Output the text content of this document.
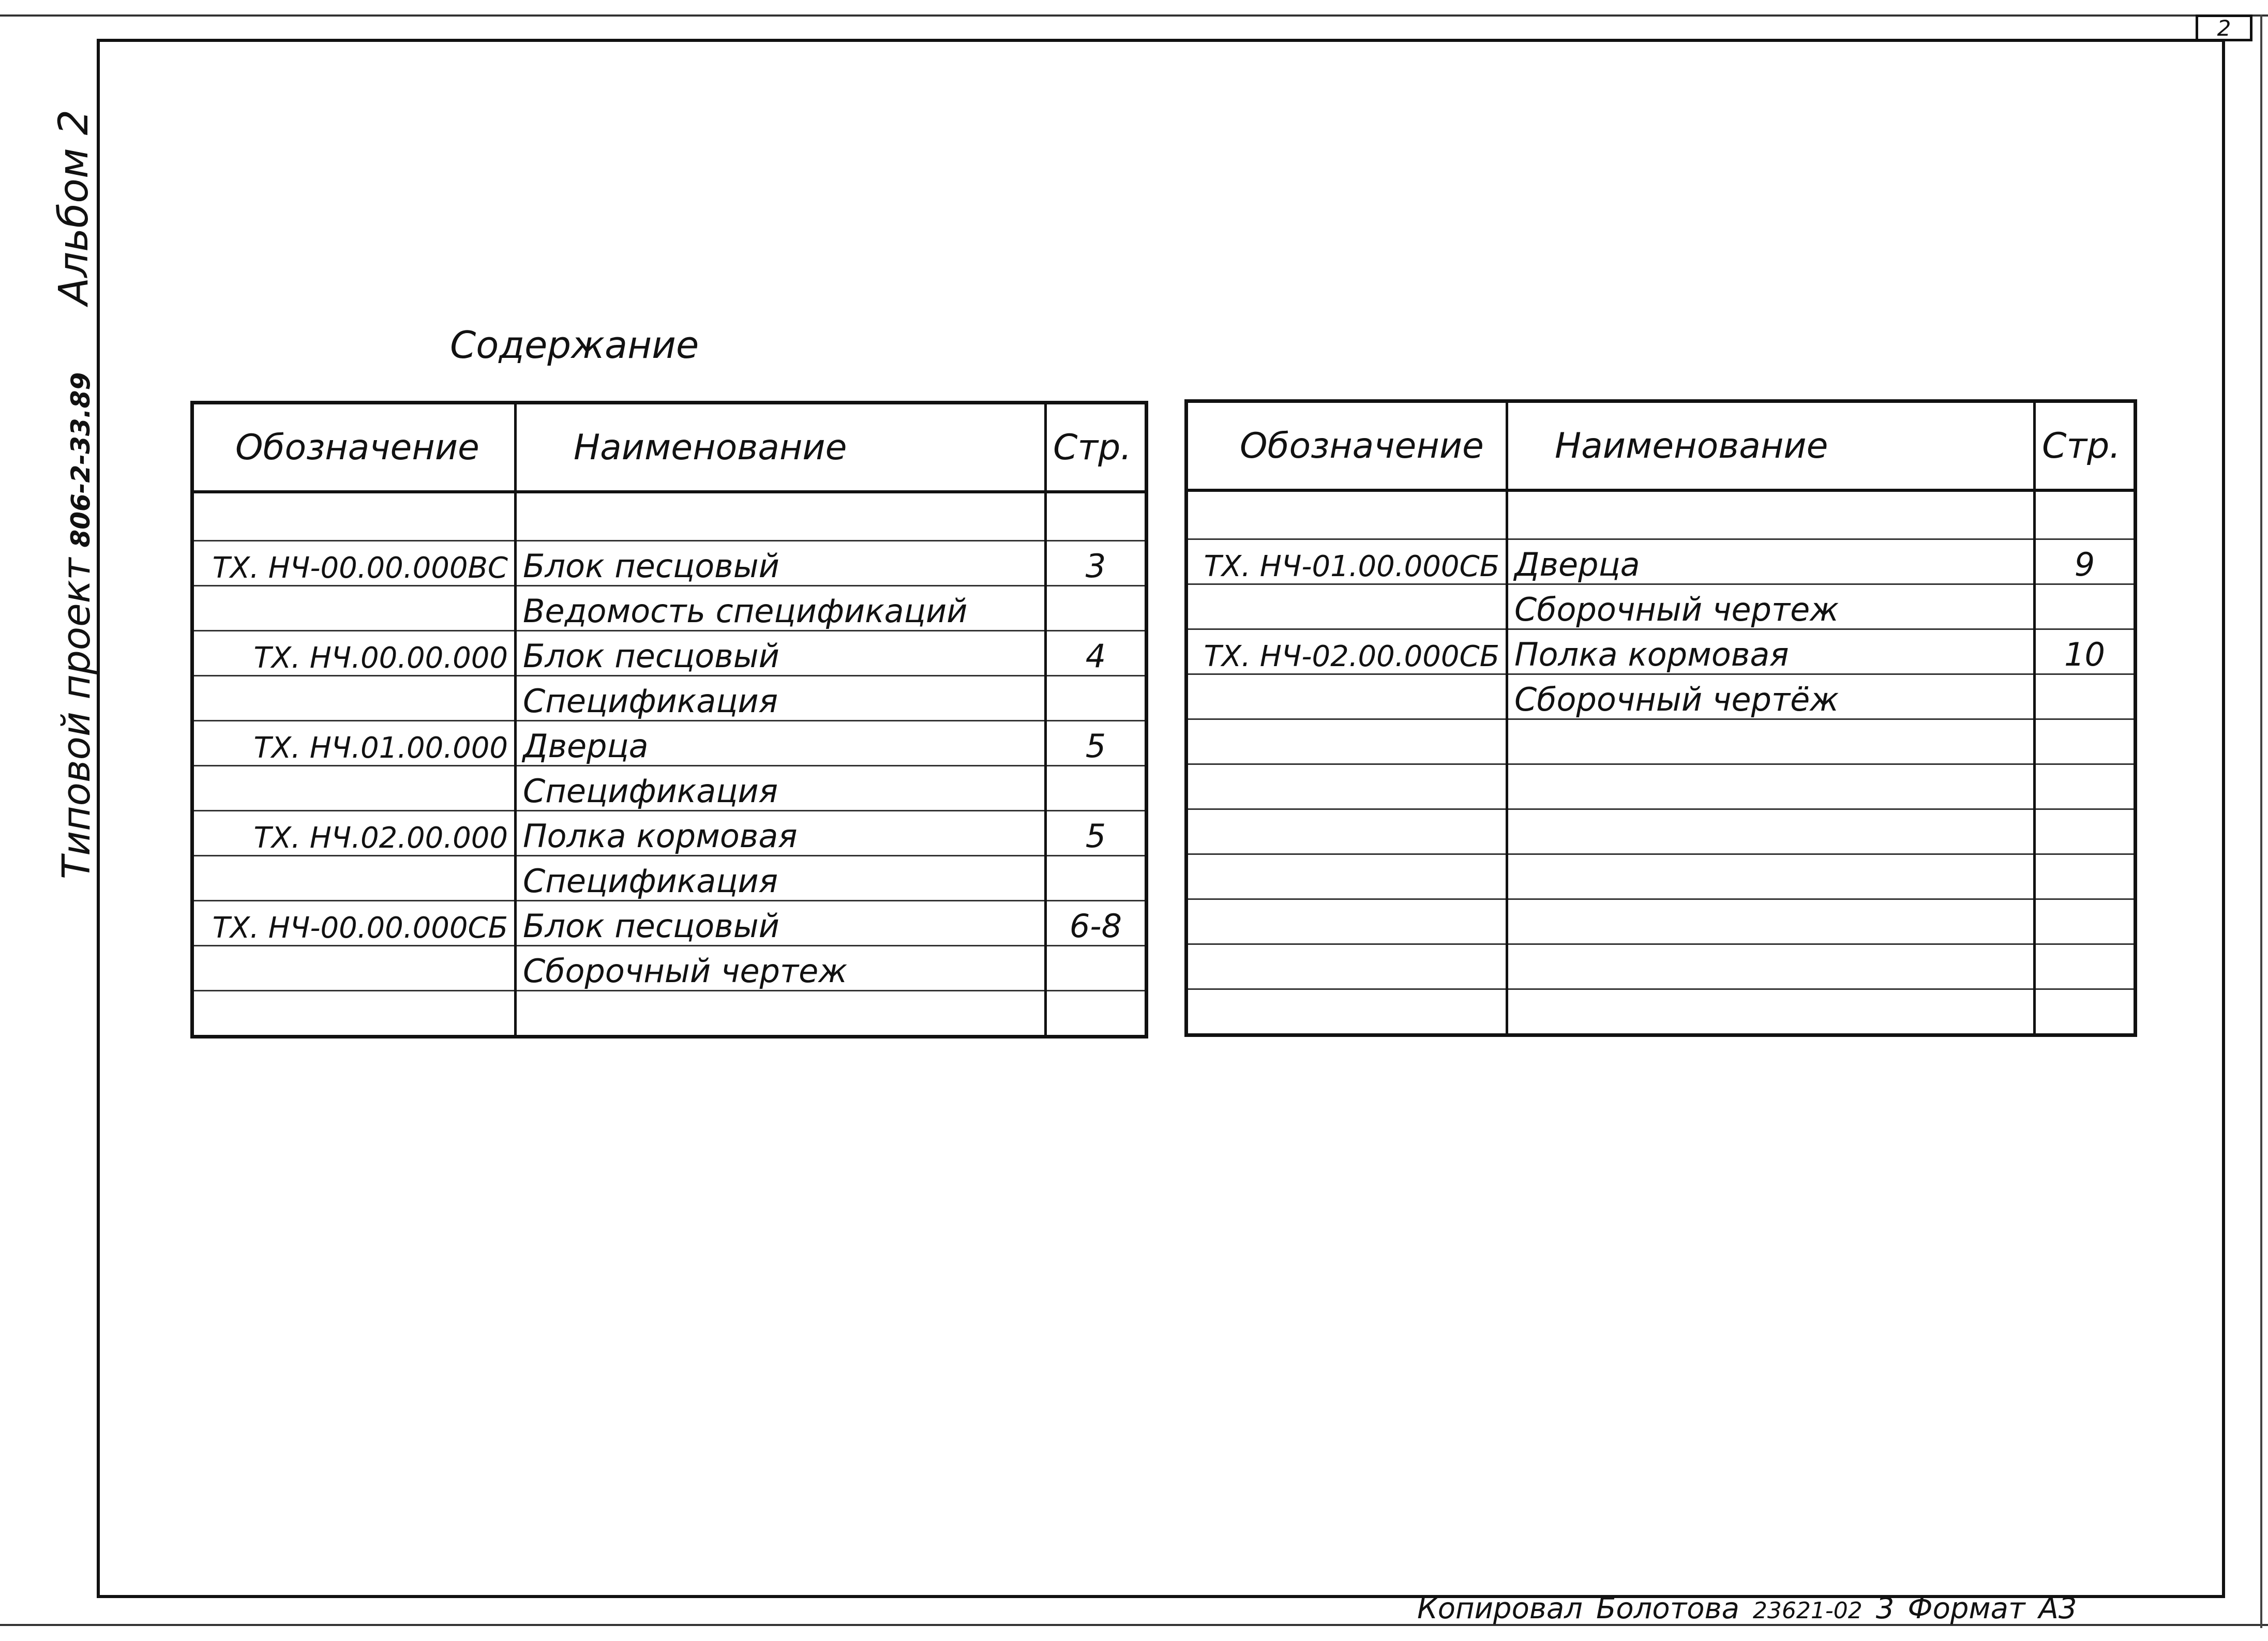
2
Альбом 2
Типовой проект806-2-33.89
Содержание
Обозначение	Наименование	Стр.

ТХ. НЧ-00.00.000ВС	Блок песцовый	3
	Ведомость спецификаций	
ТХ. НЧ.00.00.000	Блок песцовый	4
	Спецификация	
ТХ. НЧ.01.00.000	Дверца	5
	Спецификация	
ТХ. НЧ.02.00.000	Полка кормовая	5
	Спецификация	
ТХ. НЧ-00.00.000СБ	Блок песцовый	6-8
	Сборочный чертеж	

Обозначение	Наименование	Стр.

ТХ. НЧ-01.00.000СБ	Дверца	9
	Сборочный чертеж	
ТХ. НЧ-02.00.000СБ	Полка кормовая	10
	Сборочный чертёж	

Копировал Болотова 23621-02 3 Формат А3
